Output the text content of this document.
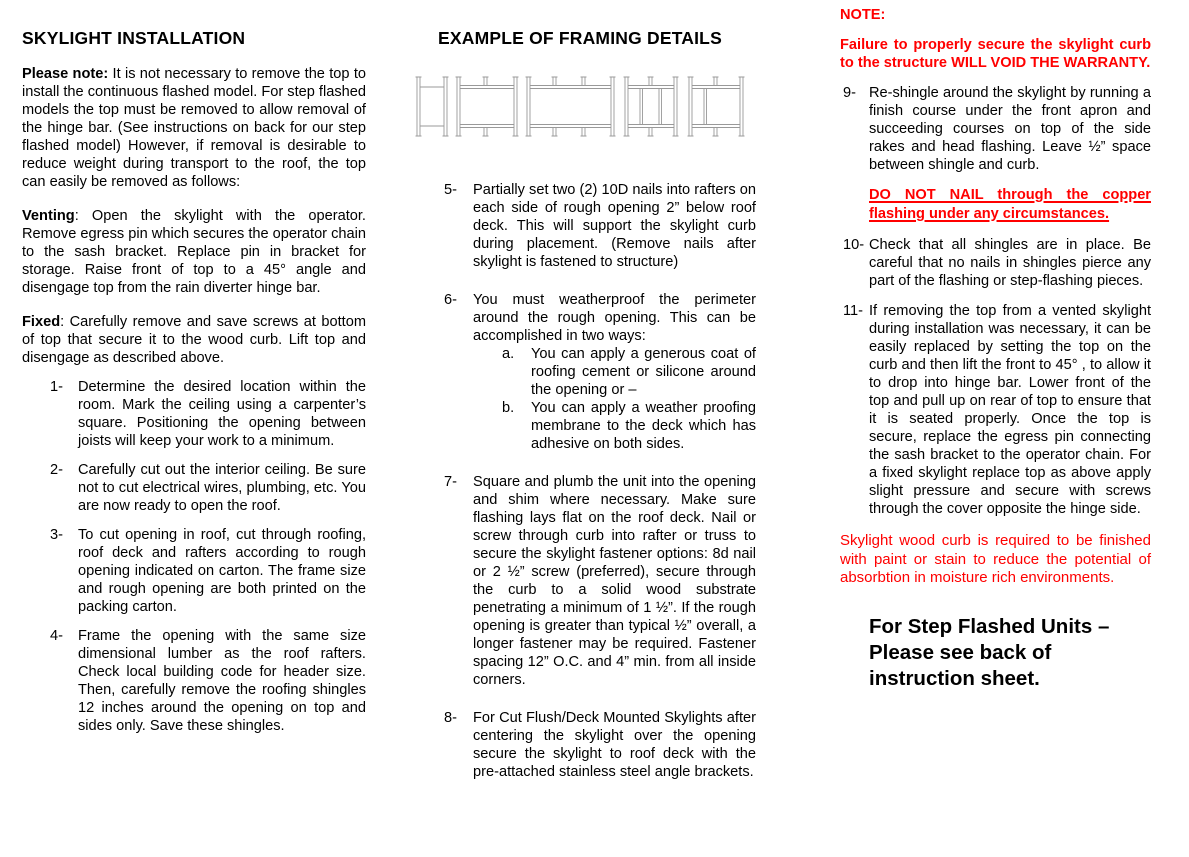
SKYLIGHT INSTALLATION

Please note: It is not necessary to remove the top to install the continuous flashed model. For step flashed models the top must be removed to allow removal of the hinge bar. (See instructions on back for our step flashed model) However, if removal is desirable to reduce weight during transport to the roof, the top can easily be removed as follows:

Venting: Open the skylight with the operator. Remove egress pin which secures the operator chain to the sash bracket. Replace pin in bracket for storage. Raise front of top to a 45° angle and disengage top from the rain diverter hinge bar.

Fixed: Carefully remove and save screws at bottom of top that secure it to the wood curb. Lift top and disengage as described above.

1- Determine the desired location within the room. Mark the ceiling using a carpenter’s square. Positioning the opening between joists will keep your work to a minimum.
2- Carefully cut out the interior ceiling. Be sure not to cut electrical wires, plumbing, etc. You are now ready to open the roof.
3- To cut opening in roof, cut through roofing, roof deck and rafters according to rough opening indicated on carton. The frame size and rough opening are both printed on the packing carton.
4- Frame the opening with the same size dimensional lumber as the roof rafters. Check local building code for header size. Then, carefully remove the roofing shingles 12 inches around the opening on top and sides only. Save these shingles.
EXAMPLE OF FRAMING DETAILS
5- Partially set two (2) 10D nails into rafters on each side of rough opening 2” below roof deck. This will support the skylight curb during placement. (Remove nails after skylight is fastened to structure)
6- You must weatherproof the perimeter around the rough opening. This can be accomplished in two ways:
a. You can apply a generous coat of roofing cement or silicone around the opening or –
b. You can apply a weather proofing membrane to the deck which has adhesive on both sides.
7- Square and plumb the unit into the opening and shim where necessary. Make sure flashing lays flat on the roof deck. Nail or screw through curb into rafter or truss to secure the skylight fastener options: 8d nail or 2 ½” screw (preferred), secure through the curb to a solid wood substrate penetrating a minimum of 1 ½”. If the rough opening is greater than typical ½” overall, a longer fastener may be required. Fastener spacing 12” O.C. and 4” min. from all inside corners.
8- For Cut Flush/Deck Mounted Skylights after centering the skylight over the opening secure the skylight to roof deck with the pre-attached stainless steel angle brackets.

NOTE:

Failure to properly secure the skylight curb to the structure WILL VOID THE WARRANTY.

9- Re-shingle around the skylight by running a finish course under the front apron and succeeding courses on top of the side rakes and head flashing. Leave ½” space between shingle and curb.

DO NOT NAIL through the copper flashing under any circumstances.

10- Check that all shingles are in place. Be careful that no nails in shingles pierce any part of the flashing or step-flashing pieces.
11- If removing the top from a vented skylight during installation was necessary, it can be easily replaced by setting the top on the curb and then lift the front to 45° , to allow it to drop into hinge bar. Lower front of the top and pull up on rear of top to ensure that it is seated properly. Once the top is secure, replace the egress pin connecting the sash bracket to the operator chain. For a fixed skylight replace top as above apply slight pressure and secure with screws through the cover opposite the hinge side.

Skylight wood curb is required to be finished with paint or stain to reduce the potential of absorbtion in moisture rich environments.

For Step Flashed Units –
Please see back of
instruction sheet.
